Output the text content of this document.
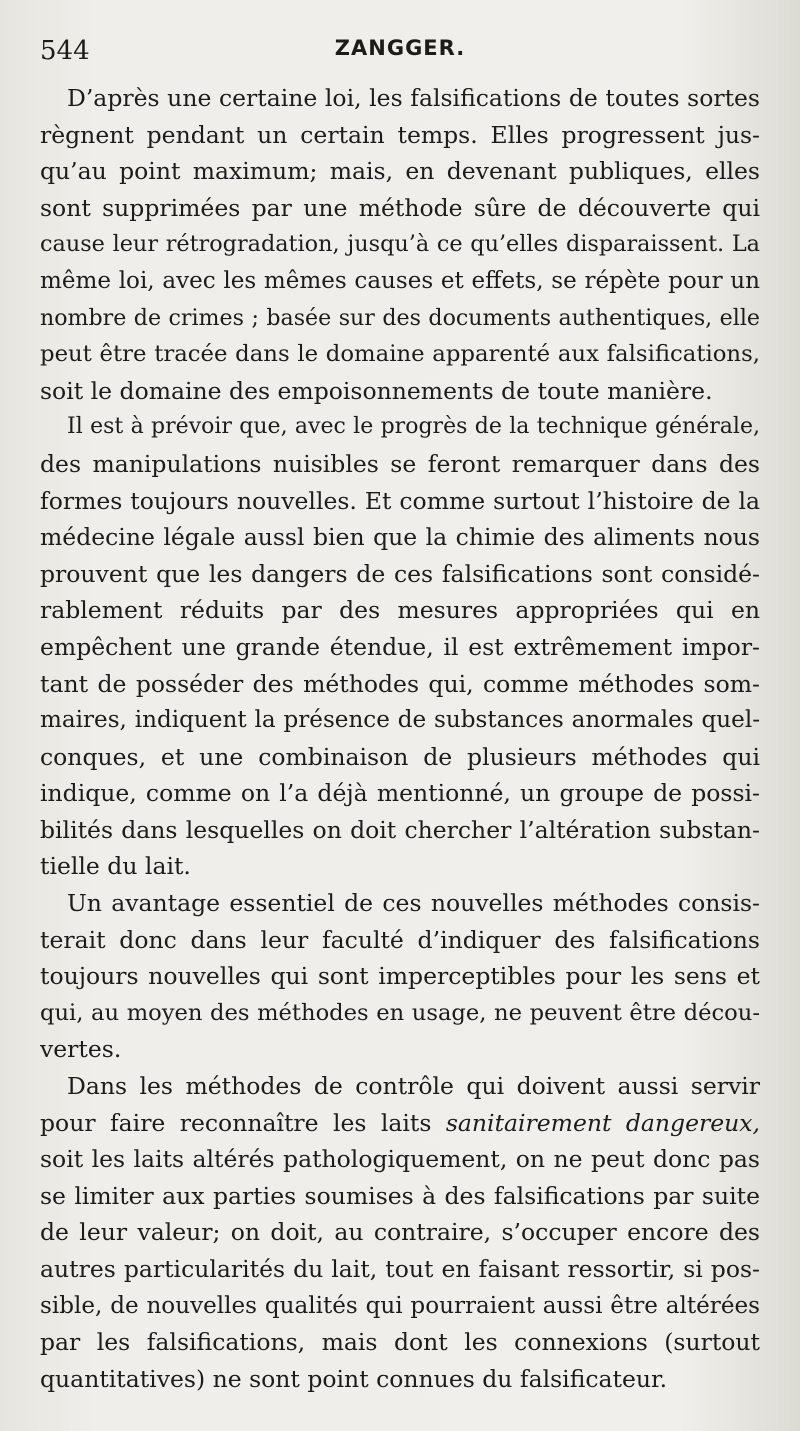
544	ZANGGER.
D’après une certaine loi, les falsifications de toutes sortes
règnent pendant un certain temps. Elles progressent jus-
qu’au point maximum; mais, en devenant publiques, elles
sont supprimées par une méthode sûre de découverte qui
cause leur rétrogradation, jusqu’à ce qu’elles disparaissent. La
même loi, avec les mêmes causes et effets, se répète pour un
nombre de crimes ; basée sur des documents authentiques, elle
peut être tracée dans le domaine apparenté aux falsifications,
soit le domaine des empoisonnements de toute manière.
Il est à prévoir que, avec le progrès de la technique générale,
des manipulations nuisibles se feront remarquer dans des
formes toujours nouvelles. Et comme surtout l’histoire de la
médecine légale aussl bien que la chimie des aliments nous
prouvent que les dangers de ces falsifications sont considé-
rablement réduits par des mesures appropriées qui en
empêchent une grande étendue, il est extrêmement impor-
tant de posséder des méthodes qui, comme méthodes som-
maires, indiquent la présence de substances anormales quel-
conques, et une combinaison de plusieurs méthodes qui
indique, comme on l’a déjà mentionné, un groupe de possi-
bilités dans lesquelles on doit chercher l’altération substan-
tielle du lait.
Un avantage essentiel de ces nouvelles méthodes consis-
terait donc dans leur faculté d’indiquer des falsifications
toujours nouvelles qui sont imperceptibles pour les sens et
qui, au moyen des méthodes en usage, ne peuvent être décou-
vertes.
Dans les méthodes de contrôle qui doivent aussi servir
pour faire reconnaître les laits sanitairement dangereux,
soit les laits altérés pathologiquement, on ne peut donc pas
se limiter aux parties soumises à des falsifications par suite
de leur valeur; on doit, au contraire, s’occuper encore des
autres particularités du lait, tout en faisant ressortir, si pos-
sible, de nouvelles qualités qui pourraient aussi être altérées
par les falsifications, mais dont les connexions (surtout
quantitatives) ne sont point connues du falsificateur.
